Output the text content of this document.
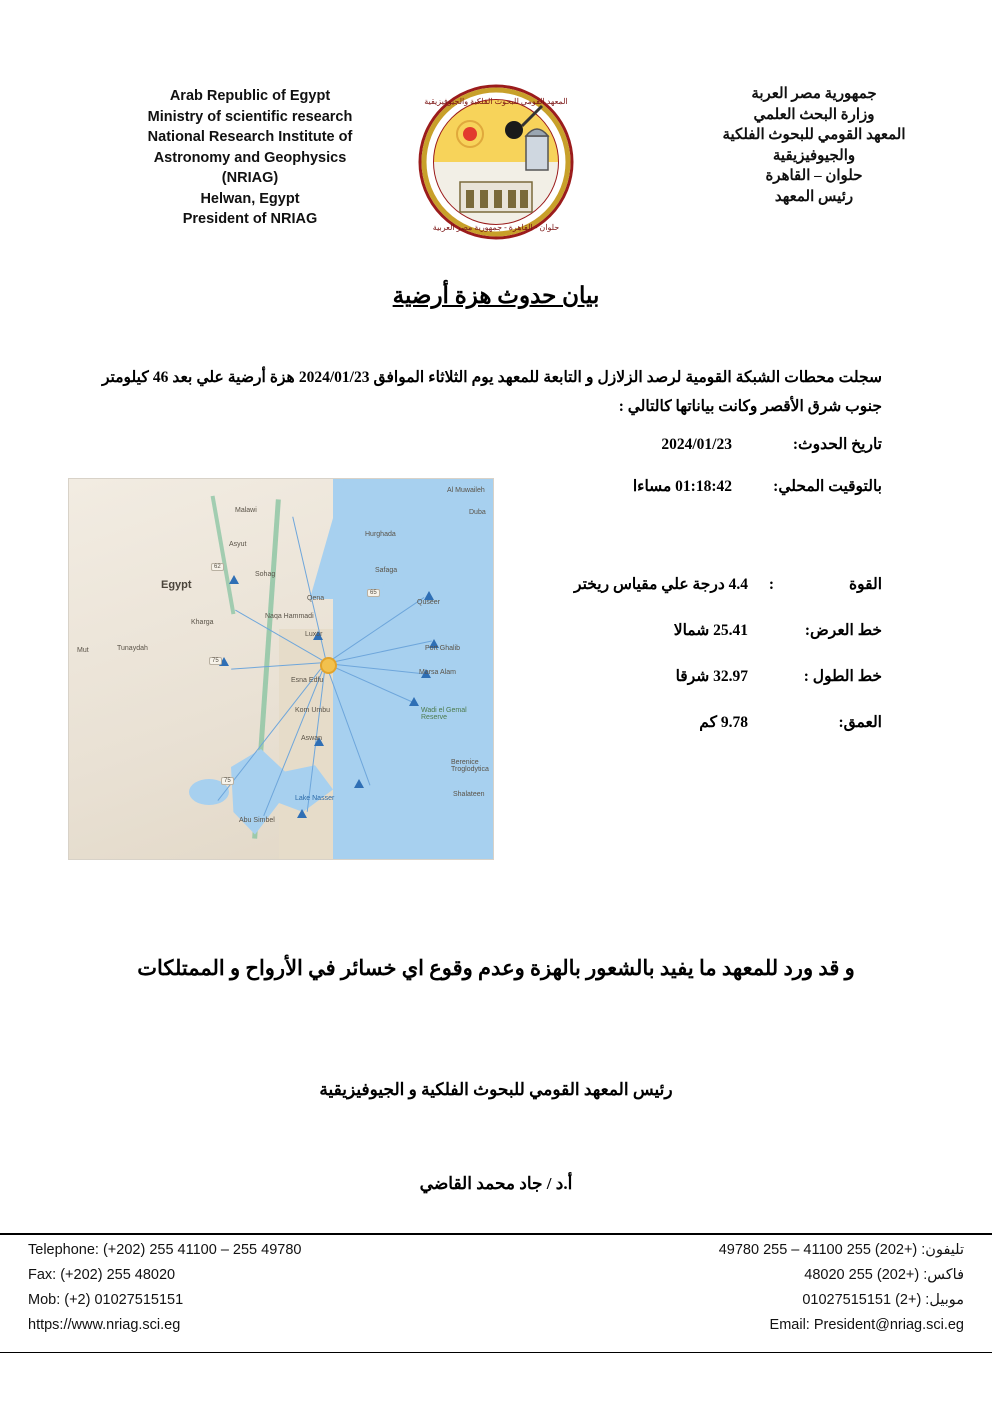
Arab Republic of Egypt
Ministry of scientific research
National Research Institute of
Astronomy and Geophysics
(NRIAG)
Helwan, Egypt
President of NRIAG
المعهد القومي للبحوث الفلكية والجيوفيزيقية
حلوان - القاهرة - جمهورية مصر العربية
جمهورية مصر العربة
وزارة البحث العلمي
المعهد القومي للبحوث الفلكية
والجيوفيزيقية
حلوان – القاهرة
رئيس المعهد
بيان حدوث هزة أرضية
سجلت محطات الشبكة القومية لرصد الزلازل و التابعة للمعهد يوم الثلاثاء الموافق 2024/01/23 هزة أرضية علي بعد 46 كيلومتر جنوب شرق الأقصر وكانت بياناتها كالتالي :
تاريخ الحدوث:2024/01/23
بالتوقيت المحلي:01:18:42 مساءا
القوة:4.4 درجة علي مقياس ريختر
خط العرض:25.41 شمالا
خط الطول :32.97 شرقا
العمق:9.78 كم
Egypt
Malawi
Asyut
Sohag
Qena
Naqa Hammadi
Luxor
Esna Edfu
Kom Umbu
Aswan
Kharga
Tunaydah
Mut
Hurghada
Safaga
Quseer
Port Ghalib
Marsa Alam
Wadi el Gemal Reserve
Berenice Troglodytica
Shalateen
Al Muwaileh
Duba
Abu Simbel
Lake Nasser
62
65
75
75
و قد ورد للمعهد ما يفيد بالشعور بالهزة وعدم وقوع اي خسائر في الأرواح و الممتلكات
رئيس المعهد القومي للبحوث الفلكية و الجيوفيزيقية
أ.د / جاد محمد القاضي
Telephone: (+202) 255 41100 – 255 49780
Fax: (+202) 255 48020
Mob: (+2) 01027515151
https://www.nriag.sci.eg
تليفون: (+202) 255 41100 – 255 49780
فاكس: (+202) 255 48020
موبيل: (+2) 01027515151
Email: President@nriag.sci.eg
